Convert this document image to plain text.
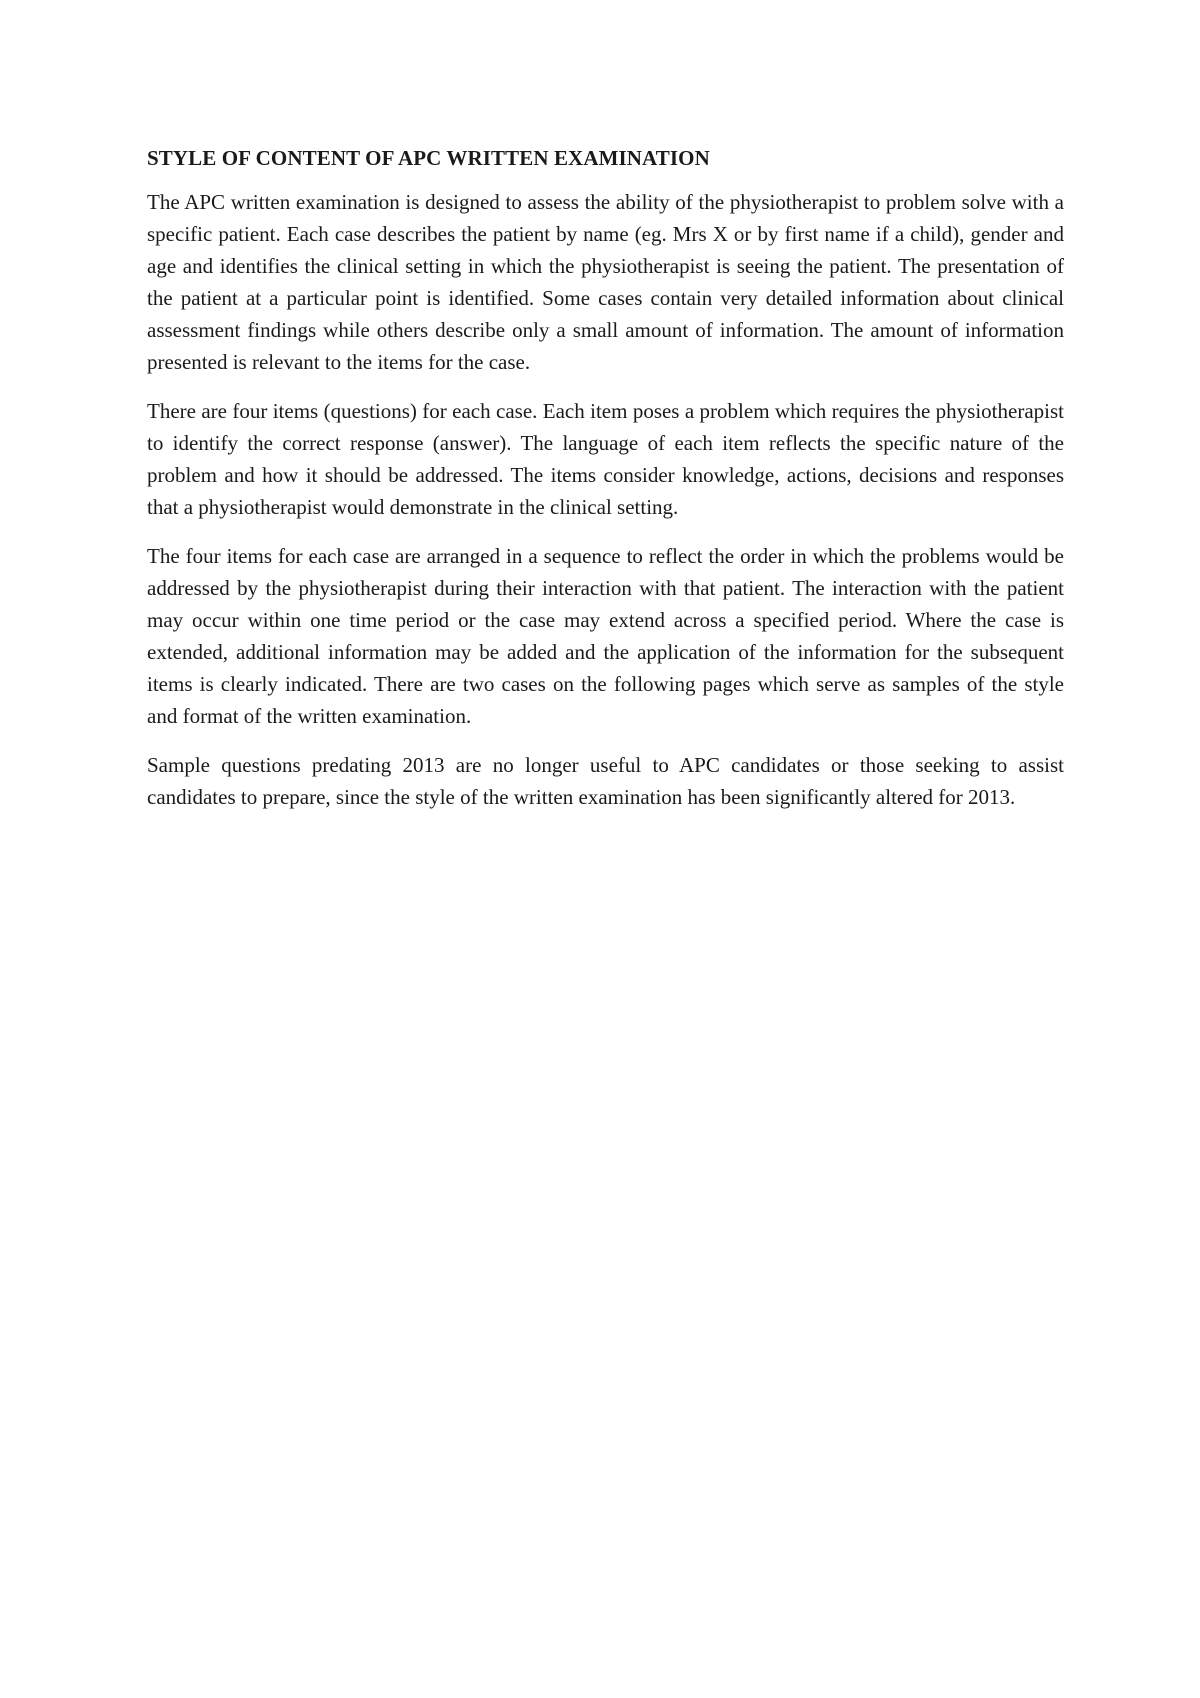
STYLE OF CONTENT OF APC WRITTEN EXAMINATION

The APC written examination is designed to assess the ability of the physiotherapist to problem solve with a specific patient. Each case describes the patient by name (eg. Mrs X or by first name if a child), gender and age and identifies the clinical setting in which the physiotherapist is seeing the patient. The presentation of the patient at a particular point is identified. Some cases contain very detailed information about clinical assessment findings while others describe only a small amount of information. The amount of information presented is relevant to the items for the case.

There are four items (questions) for each case. Each item poses a problem which requires the physiotherapist to identify the correct response (answer). The language of each item reflects the specific nature of the problem and how it should be addressed. The items consider knowledge, actions, decisions and responses that a physiotherapist would demonstrate in the clinical setting.

The four items for each case are arranged in a sequence to reflect the order in which the problems would be addressed by the physiotherapist during their interaction with that patient. The interaction with the patient may occur within one time period or the case may extend across a specified period. Where the case is extended, additional information may be added and the application of the information for the subsequent items is clearly indicated. There are two cases on the following pages which serve as samples of the style and format of the written examination.

Sample questions predating 2013 are no longer useful to APC candidates or those seeking to assist candidates to prepare, since the style of the written examination has been significantly altered for 2013.
